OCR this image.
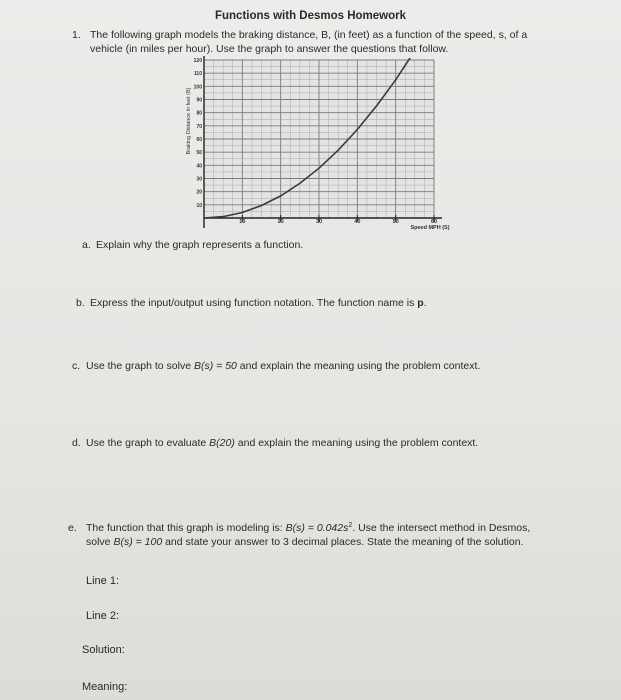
Functions with Desmos Homework
1. The following graph models the braking distance, B, (in feet) as a function of the speed, s, of a
vehicle (in miles per hour). Use the graph to answer the questions that follow.
10	20	30	40	50	60
10
20
30
40
50
60
70
80
90
100
110
120
Braking Distance in feet (B)
Speed MPH (S)
a. Explain why the graph represents a function.
b. Express the input/output using function notation. The function name is p.
c. Use the graph to solve B(s) = 50 and explain the meaning using the problem context.
d. Use the graph to evaluate B(20) and explain the meaning using the problem context.
e. The function that this graph is modeling is: $B(s) = 0.042s^2$. Use the intersect method in Desmos,
solve B(s) = 100 and state your answer to 3 decimal places. State the meaning of the solution.
Line 1:
Line 2:
Solution:
Meaning:
